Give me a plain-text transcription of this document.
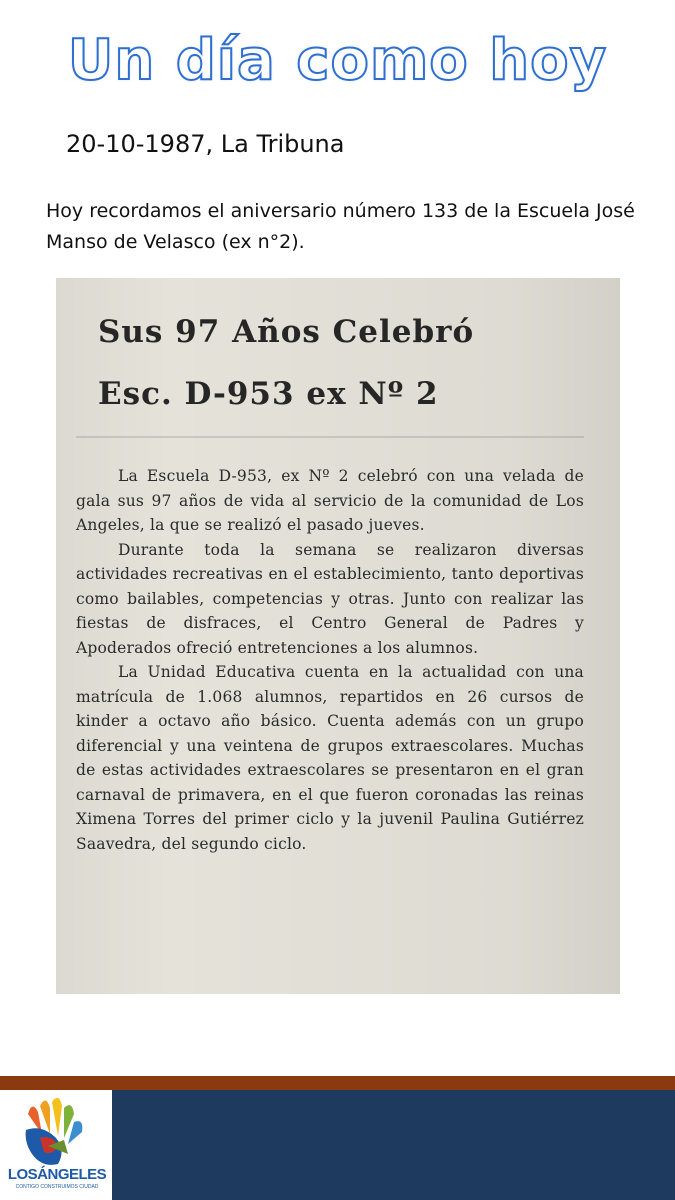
Un día como hoy
20-10-1987, La Tribuna
Hoy recordamos el aniversario número 133 de la Escuela José Manso de Velasco (ex n°2).
Sus 97 Años Celebró
Esc. D-953 ex Nº 2

La Escuela D-953, ex Nº 2 celebró con una velada de gala sus 97 años de vida al servicio de la comunidad de Los Angeles, la que se realizó el pasado jueves.

Durante toda la semana se realizaron diversas actividades recreativas en el establecimiento, tanto deportivas como bailables, competencias y otras. Junto con realizar las fiestas de disfraces, el Centro General de Padres y Apoderados ofreció entretenciones a los alumnos.

La Unidad Educativa cuenta en la actualidad con una matrícula de 1.068 alumnos, repartidos en 26 cursos de kinder a octavo año básico. Cuenta además con un grupo diferencial y una veintena de grupos extraescolares. Muchas de estas actividades extraescolares se presentaron en el gran carnaval de primavera, en el que fueron coronadas las reinas Ximena Torres del primer ciclo y la juvenil Paulina Gutiérrez Saavedra, del segundo ciclo.

LOSÁNGELES
CONTIGO CONSTRUIMOS CIUDAD
